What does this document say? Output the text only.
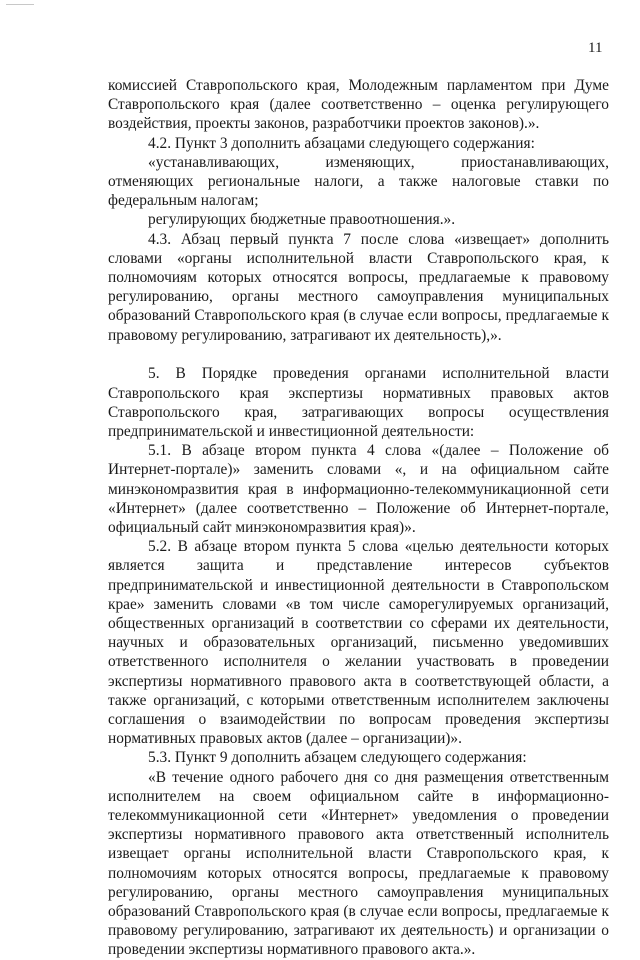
11

комиссией Ставропольского края, Молодежным парламентом при Думе Ставропольского края (далее соответственно – оценка регулирующего воздействия, проекты законов, разработчики проектов законов).».

4.2. Пункт 3 дополнить абзацами следующего содержания:

«устанавливающих, изменяющих, приостанавливающих, отменяющих региональные налоги, а также налоговые ставки по федеральным налогам;

регулирующих бюджетные правоотношения.».

4.3. Абзац первый пункта 7 после слова «извещает» дополнить словами «органы исполнительной власти Ставропольского края, к полномочиям которых относятся вопросы, предлагаемые к правовому регулированию, органы местного самоуправления муниципальных образований Ставропольского края (в случае если вопросы, предлагаемые к правовому регулированию, затрагивают их деятельность),».

5. В Порядке проведения органами исполнительной власти Ставропольского края экспертизы нормативных правовых актов Ставропольского края, затрагивающих вопросы осуществления предпринимательской и инвестиционной деятельности:

5.1. В абзаце втором пункта 4 слова «(далее – Положение об Интернет-портале)» заменить словами «, и на официальном сайте минэкономразвития края в информационно-телекоммуникационной сети «Интернет» (далее соответственно – Положение об Интернет-портале, официальный сайт минэкономразвития края)».

5.2. В абзаце втором пункта 5 слова «целью деятельности которых является защита и представление интересов субъектов предпринимательской и инвестиционной деятельности в Ставропольском крае» заменить словами «в том числе саморегулируемых организаций, общественных организаций в соответствии со сферами их деятельности, научных и образовательных организаций, письменно уведомивших ответственного исполнителя о желании участвовать в проведении экспертизы нормативного правового акта в соответствующей области, а также организаций, с которыми ответственным исполнителем заключены соглашения о взаимодействии по вопросам проведения экспертизы нормативных правовых актов (далее – организации)».

5.3. Пункт 9 дополнить абзацем следующего содержания:

«В течение одного рабочего дня со дня размещения ответственным исполнителем на своем официальном сайте в информационно-телекоммуникационной сети «Интернет» уведомления о проведении экспертизы нормативного правового акта ответственный исполнитель извещает органы исполнительной власти Ставропольского края, к полномочиям которых относятся вопросы, предлагаемые к правовому регулированию, органы местного самоуправления муниципальных образований Ставропольского края (в случае если вопросы, предлагаемые к правовому регулированию, затрагивают их деятельность) и организации о проведении экспертизы нормативного правового акта.».
